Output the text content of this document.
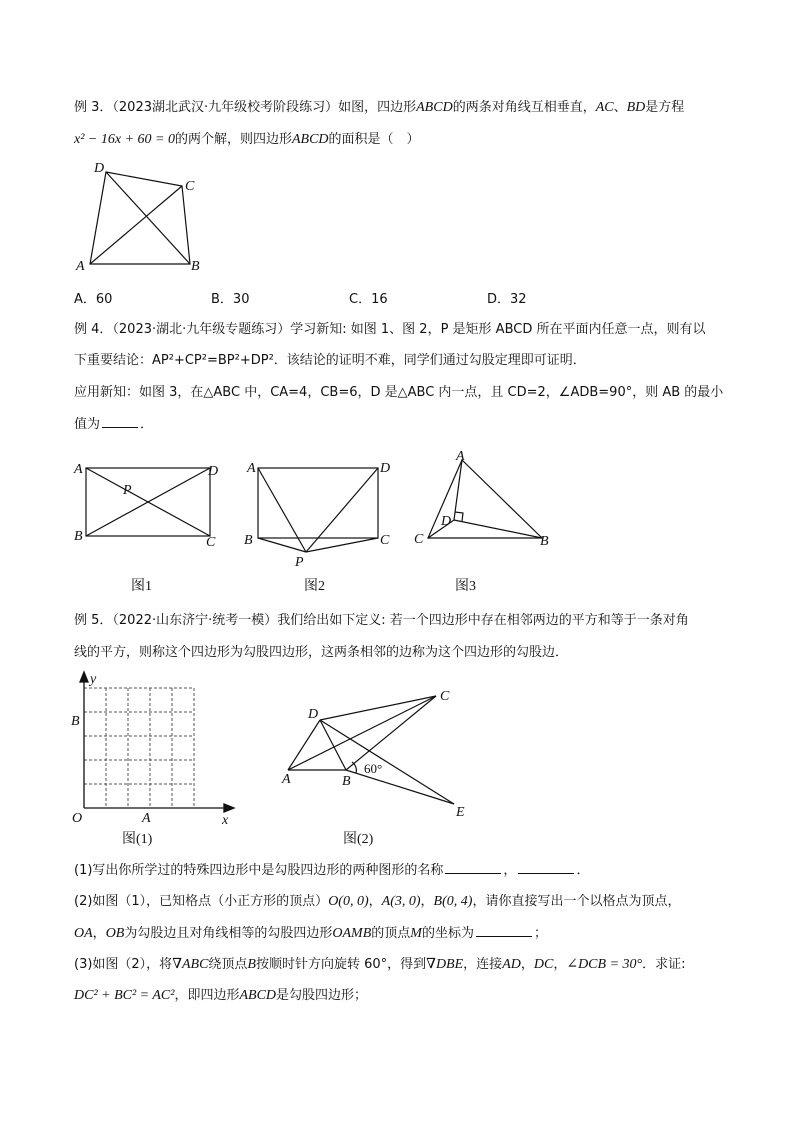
例 3．（2023湖北武汉·九年级校考阶段练习）如图，四边形ABCD的两条对角线互相垂直，AC、BD是方程
x² − 16x + 60 = 0的两个解，则四边形ABCD的面积是（　）
D
C
A	B
A．60	B．30	C．16	D．32
例 4．（2023·湖北·九年级专题练习）学习新知: 如图 1、图 2，P 是矩形 ABCD 所在平面内任意一点，则有以
下重要结论：AP²+CP²=BP²+DP²．该结论的证明不难，同学们通过勾股定理即可证明．
应用新知：如图 3，在△ABC 中，CA=4，CB=6，D 是△ABC 内一点，且 CD=2，∠ADB=90°，则 AB 的最小
值为	．
A	D
B	C
P
A	D
B	C
P
A
D
C	B
图1	图2	图3
例 5．（2022·山东济宁·统考一模）我们给出如下定义: 若一个四边形中存在相邻两边的平方和等于一条对角
线的平方，则称这个四边形为勾股四边形，这两条相邻的边称为这个四边形的勾股边．
y
B
A
O	x
D
C
A	B
E
60°
图(1)	图(2)
(1)写出你所学过的特殊四边形中是勾股四边形的两种图形的名称	，	．
(2)如图（1），已知格点（小正方形的顶点）O(0, 0)，A(3, 0)，B(0, 4)，请你直接写出一个以格点为顶点，
OA，OB为勾股边且对角线相等的勾股四边形OAMB的顶点M的坐标为	；
(3)如图（2），将∇ABC绕顶点B按顺时针方向旋转 60°，得到∇DBE，连接AD，DC，∠DCB = 30°．求证:
DC² + BC² = AC²，即四边形ABCD是勾股四边形；
